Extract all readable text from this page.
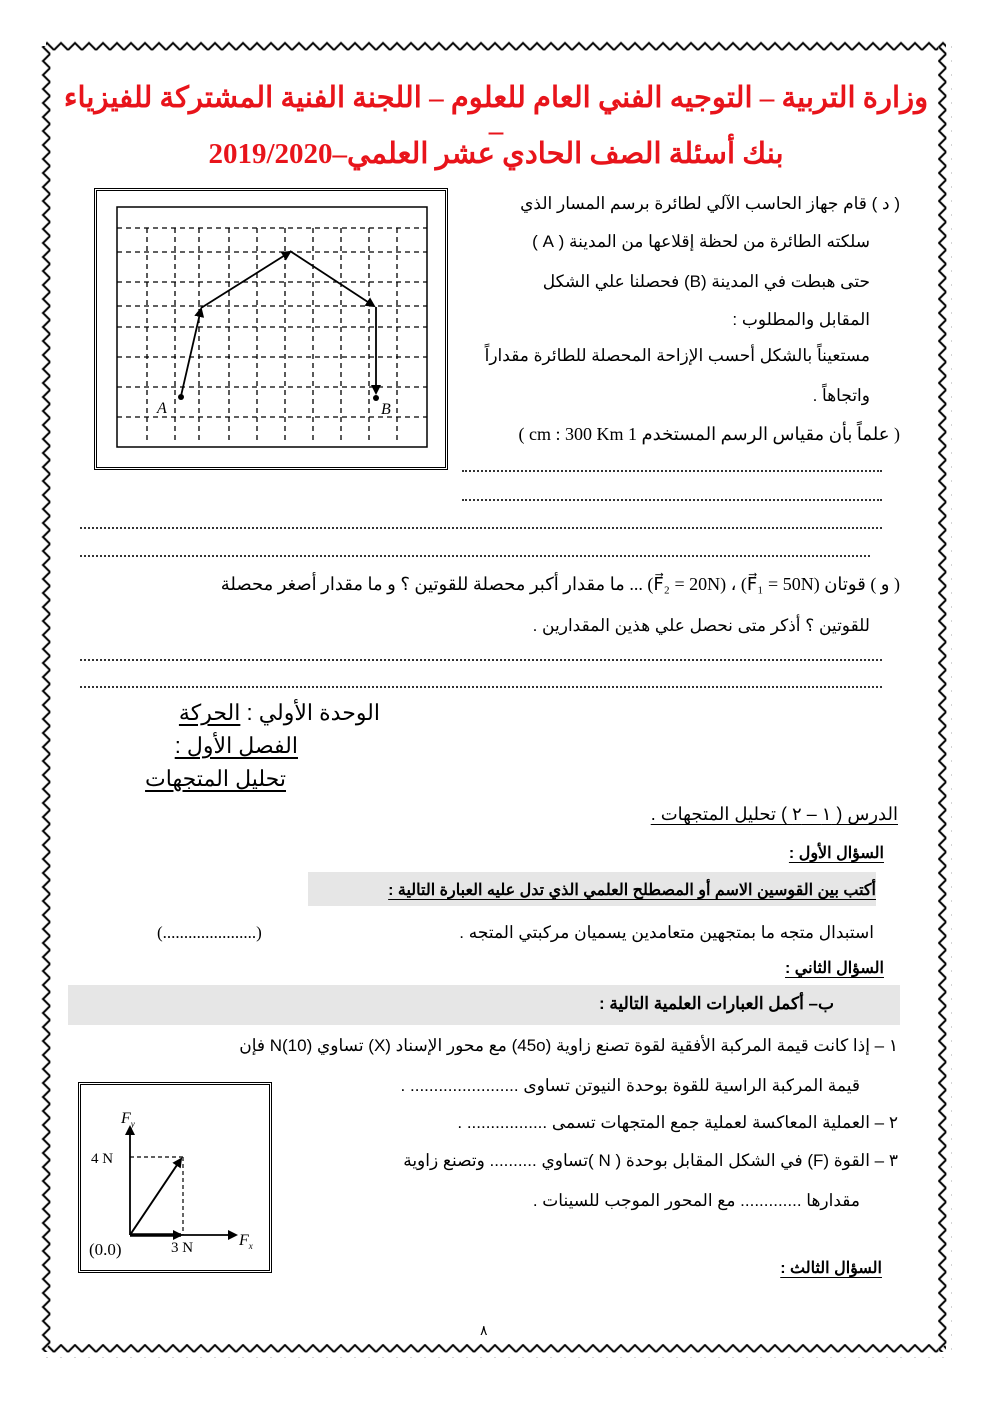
وزارة التربية – التوجيه الفني العام للعلوم – اللجنة الفنية المشتركة للفيزياء –
بنك أسئلة الصف الحادي عشر العلمي–2019/2020
( د ) قام جهاز الحاسب الآلي لطائرة برسم المسار الذي
سلكته الطائرة من لحظة إقلاعها من المدينة ( A )
حتى هبطت في المدينة (B) فحصلنا علي الشكل
المقابل والمطلوب :
مستعيناً بالشكل أحسب الإزاحة المحصلة للطائرة مقداراً
واتجاهاً .
( علماً بأن مقياس الرسم المستخدم 1 cm : 300 Km )
A	B
( و ) قوتان (F⃗₁ = 50N) ، (F⃗₂ = 20N) ... ما مقدار أكبر محصلة للقوتين ؟ و ما مقدار أصغر محصلة
للقوتين ؟ أذكر متى نحصل علي هذين المقدارين .
الوحدة الأولي : الحركة
الفصل الأول :
تحليل المتجهات
الدرس ( ١ – ٢ ) تحليل المتجهات .
السؤال الأول :
أكتب بين القوسين الاسم أو المصطلح العلمي الذي تدل عليه العبارة التالية :
استبدال متجه ما بمتجهين متعامدين يسميان مركبتي المتجه .
(......................)
السؤال الثاني :
ب– أكمل العبارات العلمية التالية :
١ – إذا كانت قيمة المركبة الأفقية لقوة تصنع زاوية (45o) مع محور الإسناد (X) تساوي N(10) فإن
قيمة المركبة الراسية للقوة بوحدة النيوتن تساوى ....................... .
٢ – العملية المعاكسة لعملية جمع المتجهات تسمى ................. .
٣ – القوة (F) في الشكل المقابل بوحدة ( N )تساوي .......... وتصنع زاوية
مقدارها ............. مع المحور الموجب للسينات .
$F_y$
$F_x$
4 N
3 N
(0.0)
السؤال الثالث :
٨
